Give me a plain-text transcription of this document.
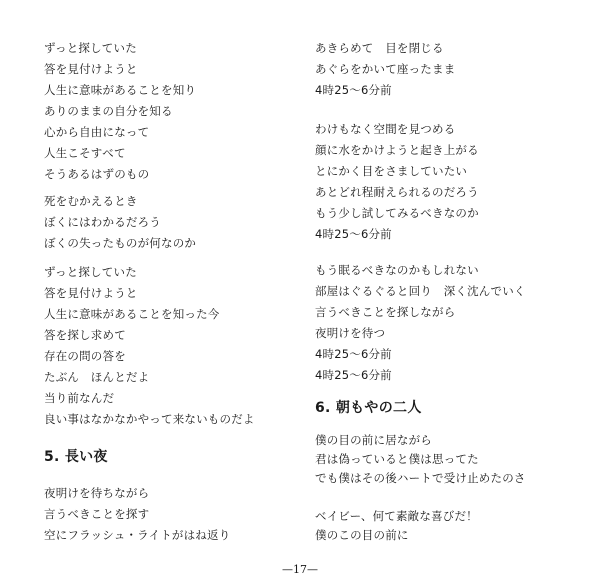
ずっと探していた
答を見付けようと
人生に意味があることを知り
ありのままの自分を知る
心から自由になって
人生こそすべて
そうあるはずのもの
死をむかえるとき
ぼくにはわかるだろう
ぼくの失ったものが何なのか
ずっと探していた
答を見付けようと
人生に意味があることを知った今
答を探し求めて
存在の問の答を
たぶん　ほんとだよ
当り前なんだ
良い事はなかなかやって来ないものだよ
5. 長い夜
夜明けを待ちながら
言うべきことを探す
空にフラッシュ・ライトがはね返り
あきらめて　目を閉じる
あぐらをかいて座ったまま
4時25～6分前
わけもなく空間を見つめる
顔に水をかけようと起き上がる
とにかく目をさましていたい
あとどれ程耐えられるのだろう
もう少し試してみるべきなのか
4時25～6分前
もう眠るべきなのかもしれない
部屋はぐるぐると回り　深く沈んでいく
言うべきことを探しながら
夜明けを待つ
4時25～6分前
4時25～6分前
6. 朝もやの二人
僕の目の前に居ながら
君は偽っていると僕は思ってた
でも僕はその後ハートで受け止めたのさ
ベイビー、何て素敵な喜びだ！
僕のこの目の前に
—17—
